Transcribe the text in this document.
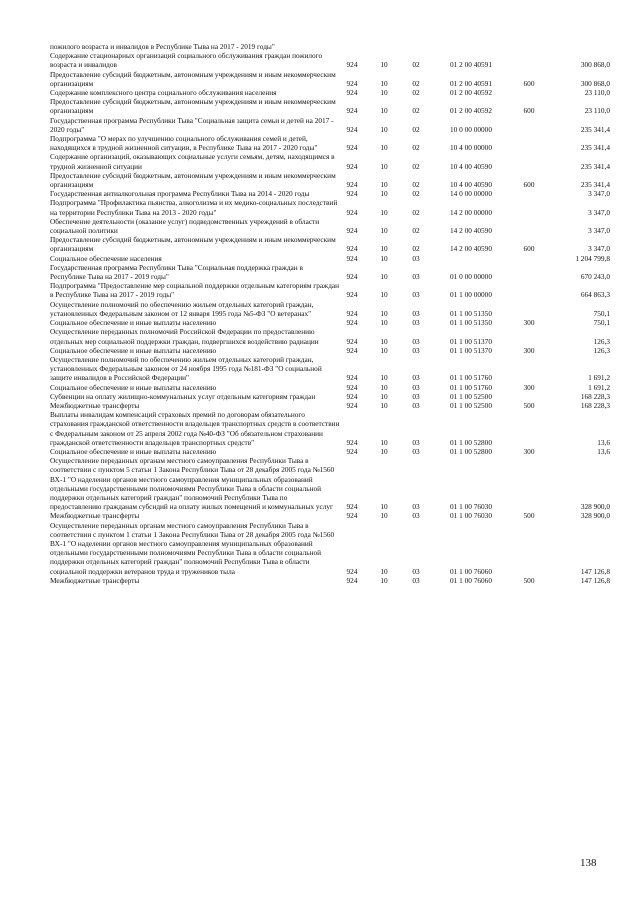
пожилого возраста и инвалидов в Республике Тыва на 2017 - 2019 годы"						
Содержание стационарных организаций социального обслуживания граждан пожилого возраста и инвалидов	924	10	02	01 2 00 40591		300 868,0
Предоставление субсидий бюджетным, автономным учреждениям и иным некоммерческим организациям	924	10	02	01 2 00 40591	600	300 868,0
Содержание комплексного центра социального обслуживания населения	924	10	02	01 2 00 40592		23 110,0
Предоставление субсидий бюджетным, автономным учреждениям и иным некоммерческим организациям	924	10	02	01 2 00 40592	600	23 110,0
Государственная программа Республики Тыва "Социальная защита семьи и детей на 2017 - 2020 годы"	924	10	02	10 0 00 00000		235 341,4
Подпрограмма "О мерах по улучшению социального обслуживания семей и детей, находящихся в трудной жизненной ситуации, в Республике Тыва на 2017 - 2020 годы"	924	10	02	10 4 00 00000		235 341,4
Содержание организаций, оказывающих социальные услуги семьям, детям, находящимся в трудной жизненной ситуации	924	10	02	10 4 00 40590		235 341,4
Предоставление субсидий бюджетным, автономным учреждениям и иным некоммерческим организациям	924	10	02	10 4 00 40590	600	235 341,4
Государственная антиалкогольная программа Республики Тыва на 2014 - 2020 годы	924	10	02	14 0 00 00000		3 347,0
Подпрограмма "Профилактика пьянства, алкоголизма и их медико-социальных последствий на территории Республики Тыва на 2013 - 2020 годы"	924	10	02	14 2 00 00000		3 347,0
Обеспечение деятельности (оказание услуг) подведомственных учреждений в области социальной политики	924	10	02	14 2 00 40590		3 347,0
Предоставление субсидий бюджетным, автономным учреждениям и иным некоммерческим организациям	924	10	02	14 2 00 40590	600	3 347,0
Социальное обеспечение населения	924	10	03			1 204 799,8
Государственная программа Республики Тыва "Социальная поддержка граждан в Республике Тыва на 2017 - 2019 годы"	924	10	03	01 0 00 00000		670 243,0
Подпрограмма "Предоставление мер социальной поддержки отдельным категориям граждан в Республике Тыва на 2017 - 2019 годы"	924	10	03	01 1 00 00000		664 863,3
Осуществление полномочий по обеспечению жильем отдельных категорий граждан, установленных Федеральным законом от 12 января 1995 года №5-ФЗ "О ветеранах"	924	10	03	01 1 00 51350		750,1
Социальное обеспечение и иные выплаты населению	924	10	03	01 1 00 51350	300	750,1
Осуществление переданных полномочий Российской Федерации по предоставлению отдельных мер социальной поддержки граждан, подвергшихся воздействию радиации	924	10	03	01 1 00 51370		126,3
Социальное обеспечение и иные выплаты населению	924	10	03	01 1 00 51370	300	126,3
Осуществление полномочий по обеспечению жильем отдельных категорий граждан, установленных Федеральным законом от 24 ноября 1995 года №181-ФЗ "О социальной защите инвалидов в Российской Федерации"	924	10	03	01 1 00 51760		1 691,2
Социальное обеспечение и иные выплаты населению	924	10	03	01 1 00 51760	300	1 691,2
Субвенции на оплату жилищно-коммунальных услуг отдельным категориям граждан	924	10	03	01 1 00 52500		168 228,3
Межбюджетные трансферты	924	10	03	01 1 00 52500	500	168 228,3
Выплаты инвалидам компенсаций страховых премий по договорам обязательного страхования гражданской ответственности владельцев транспортных средств в соответствии с Федеральным законом от 25 апреля 2002 года №40-ФЗ "Об обязательном страховании гражданской ответственности владельцев транспортных средств"	924	10	03	01 1 00 52800		13,6
Социальное обеспечение и иные выплаты населению	924	10	03	01 1 00 52800	300	13,6
Осуществление переданных органам местного самоуправления Республики Тыва в соответствии с пунктом 5 статьи 1 Закона Республики Тыва от 28 декабря 2005 года №1560 ВХ-1 "О наделении органов местного самоуправления муниципальных образований отдельными государственными полномочиями Республики Тыва в области социальной поддержки отдельных категорий граждан" полномочий Республики Тыва по предоставлению гражданам субсидий на оплату жилых помещений и коммунальных услуг	924	10	03	01 1 00 76030		328 900,0
Межбюджетные трансферты	924	10	03	01 1 00 76030	500	328 900,0
Осуществление переданных органам местного самоуправления Республики Тыва в соответствии с пунктом 1 статьи 1 Закона Республики Тыва от 28 декабря 2005 года №1560 ВХ-1 "О наделении органов местного самоуправления муниципальных образований отдельными государственными полномочиями Республики Тыва в области социальной поддержки отдельных категорий граждан" полномочий Республики Тыва в области социальной поддержки ветеранов труда и тружеников тыла	924	10	03	01 1 00 76060		147 126,8
Межбюджетные трансферты	924	10	03	01 1 00 76060	500	147 126,8
138
